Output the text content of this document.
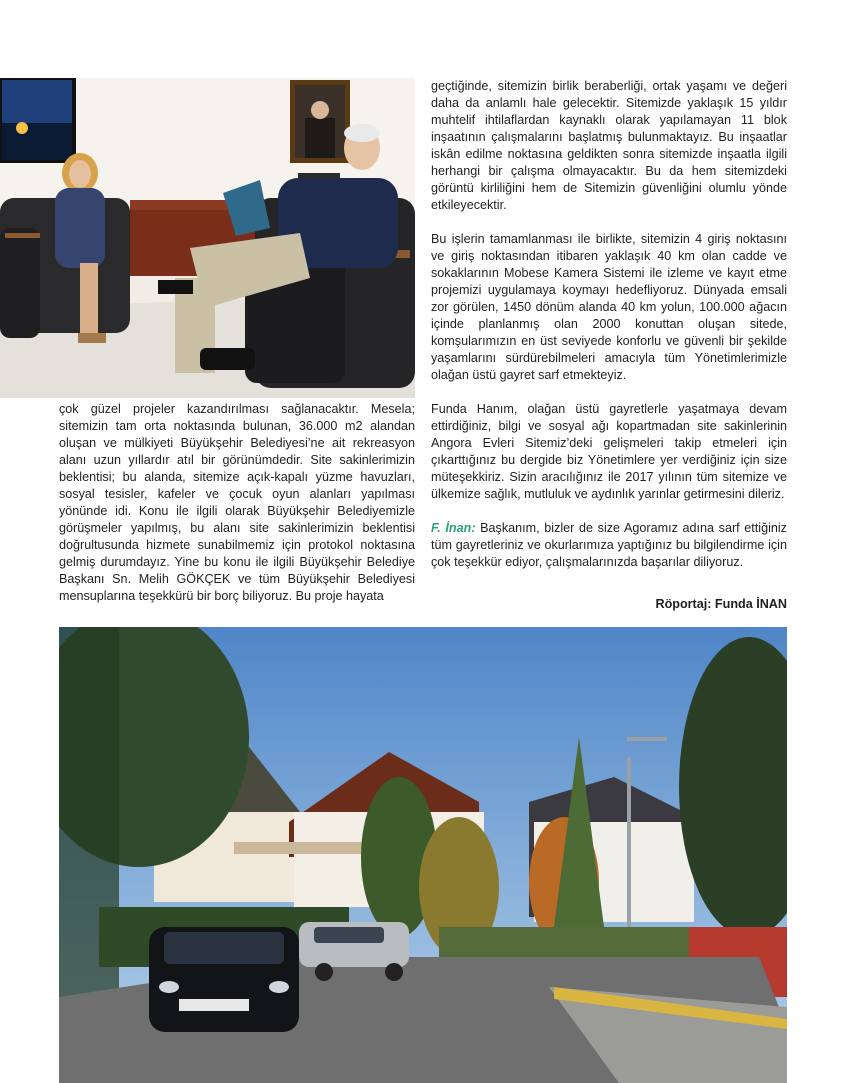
çok güzel projeler kazandırılması sağlanacaktır. Mesela; sitemizin tam orta noktasında bulunan, 36.000 m2 alandan oluşan ve mülkiyeti Büyükşehir Belediyesi’ne ait rekreasyon alanı uzun yıllardır atıl bir görünümdedir. Site sakinlerimizin beklentisi; bu alanda, sitemize açık-kapalı yüzme havuzları, sosyal tesisler, kafeler ve çocuk oyun alanları yapılması yönünde idi. Konu ile ilgili olarak Büyükşehir Belediyemizle görüşmeler yapılmış, bu alanı site sakinlerimizin beklentisi doğrultusunda hizmete sunabilmemiz için protokol noktasına gelmiş durumdayız. Yine bu konu ile ilgili Büyükşehir Belediye Başkanı Sn. Melih GÖKÇEK ve tüm Büyükşehir Belediyesi mensuplarına teşekkürü bir borç biliyoruz. Bu proje hayata

geçtiğinde, sitemizin birlik beraberliği, ortak yaşamı ve değeri daha da anlamlı hale gelecektir. Sitemizde yaklaşık 15 yıldır muhtelif ihtilaflardan kaynaklı olarak yapılamayan 11 blok inşaatının çalışmalarını başlatmış bulunmaktayız. Bu inşaatlar iskân edilme noktasına geldikten sonra sitemizde inşaatla ilgili herhangi bir çalışma olmayacaktır. Bu da hem sitemizdeki görüntü kirliliğini hem de Sitemizin güvenliğini olumlu yönde etkileyecektir.

Bu işlerin tamamlanması ile birlikte, sitemizin 4 giriş noktasını ve giriş noktasından itibaren yaklaşık 40 km olan cadde ve sokaklarının Mobese Kamera Sistemi ile izleme ve kayıt etme projemizi uygulamaya koymayı hedefliyoruz. Dünyada emsali zor görülen, 1450 dönüm alanda 40 km yolun, 100.000 ağacın içinde planlanmış olan 2000 konuttan oluşan sitede, komşularımızın en üst seviyede konforlu ve güvenli bir şekilde yaşamlarını sürdürebilmeleri amacıyla tüm Yönetimlerimizle olağan üstü gayret sarf etmekteyiz.

Funda Hanım, olağan üstü gayretlerle yaşatmaya devam ettirdiğiniz, bilgi ve sosyal ağı kopartmadan site sakinlerinin Angora Evleri Sitemiz’deki gelişmeleri takip etmeleri için çıkarttığınız bu dergide biz Yönetimlere yer verdiğiniz için size müteşekkiriz. Sizin aracılığınız ile 2017 yılının tüm sitemize ve ülkemize sağlık, mutluluk ve aydınlık yarınlar getirmesini dileriz.

F. İnan: Başkanım, bizler de size Agoramız adına sarf ettiğiniz tüm gayretleriniz ve okurlarımıza yaptığınız bu bilgilendirme için çok teşekkür ediyor, çalışmalarınızda başarılar diliyoruz.

Röportaj: Funda İNAN
